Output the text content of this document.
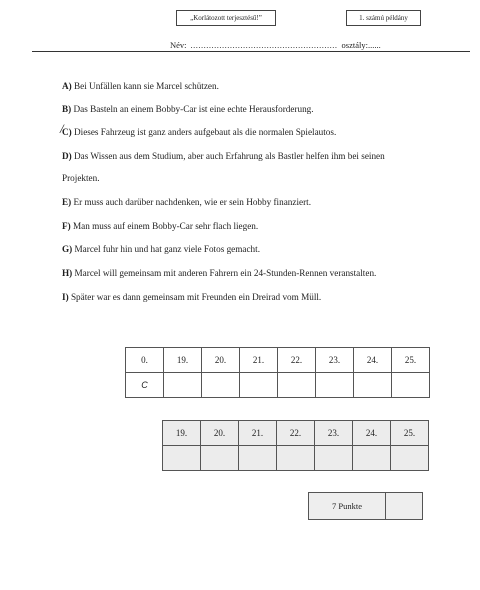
„Korlátozott terjesztésű!”	1. számú példány
Név: ........................................................ osztály:......
A) Bei Unfällen kann sie Marcel schützen.
B) Das Basteln an einem Bobby-Car ist eine echte Herausforderung.
C)
/ Dieses Fahrzeug ist ganz anders aufgebaut als die normalen Spielautos.
D) Das Wissen aus dem Studium, aber auch Erfahrung als Bastler helfen ihm bei seinen
Projekten.
E) Er muss auch darüber nachdenken, wie er sein Hobby finanziert.
F) Man muss auf einem Bobby-Car sehr flach liegen.
G) Marcel fuhr hin und hat ganz viele Fotos gemacht.
H) Marcel will gemeinsam mit anderen Fahrern ein 24-Stunden-Rennen veranstalten.
I) Später war es dann gemeinsam mit Freunden ein Dreirad vom Müll.
0.	19.	20.	21.	22.	23.	24.	25.
C							
19.	20.	21.	22.	23.	24.	25.

7 Punkte	
